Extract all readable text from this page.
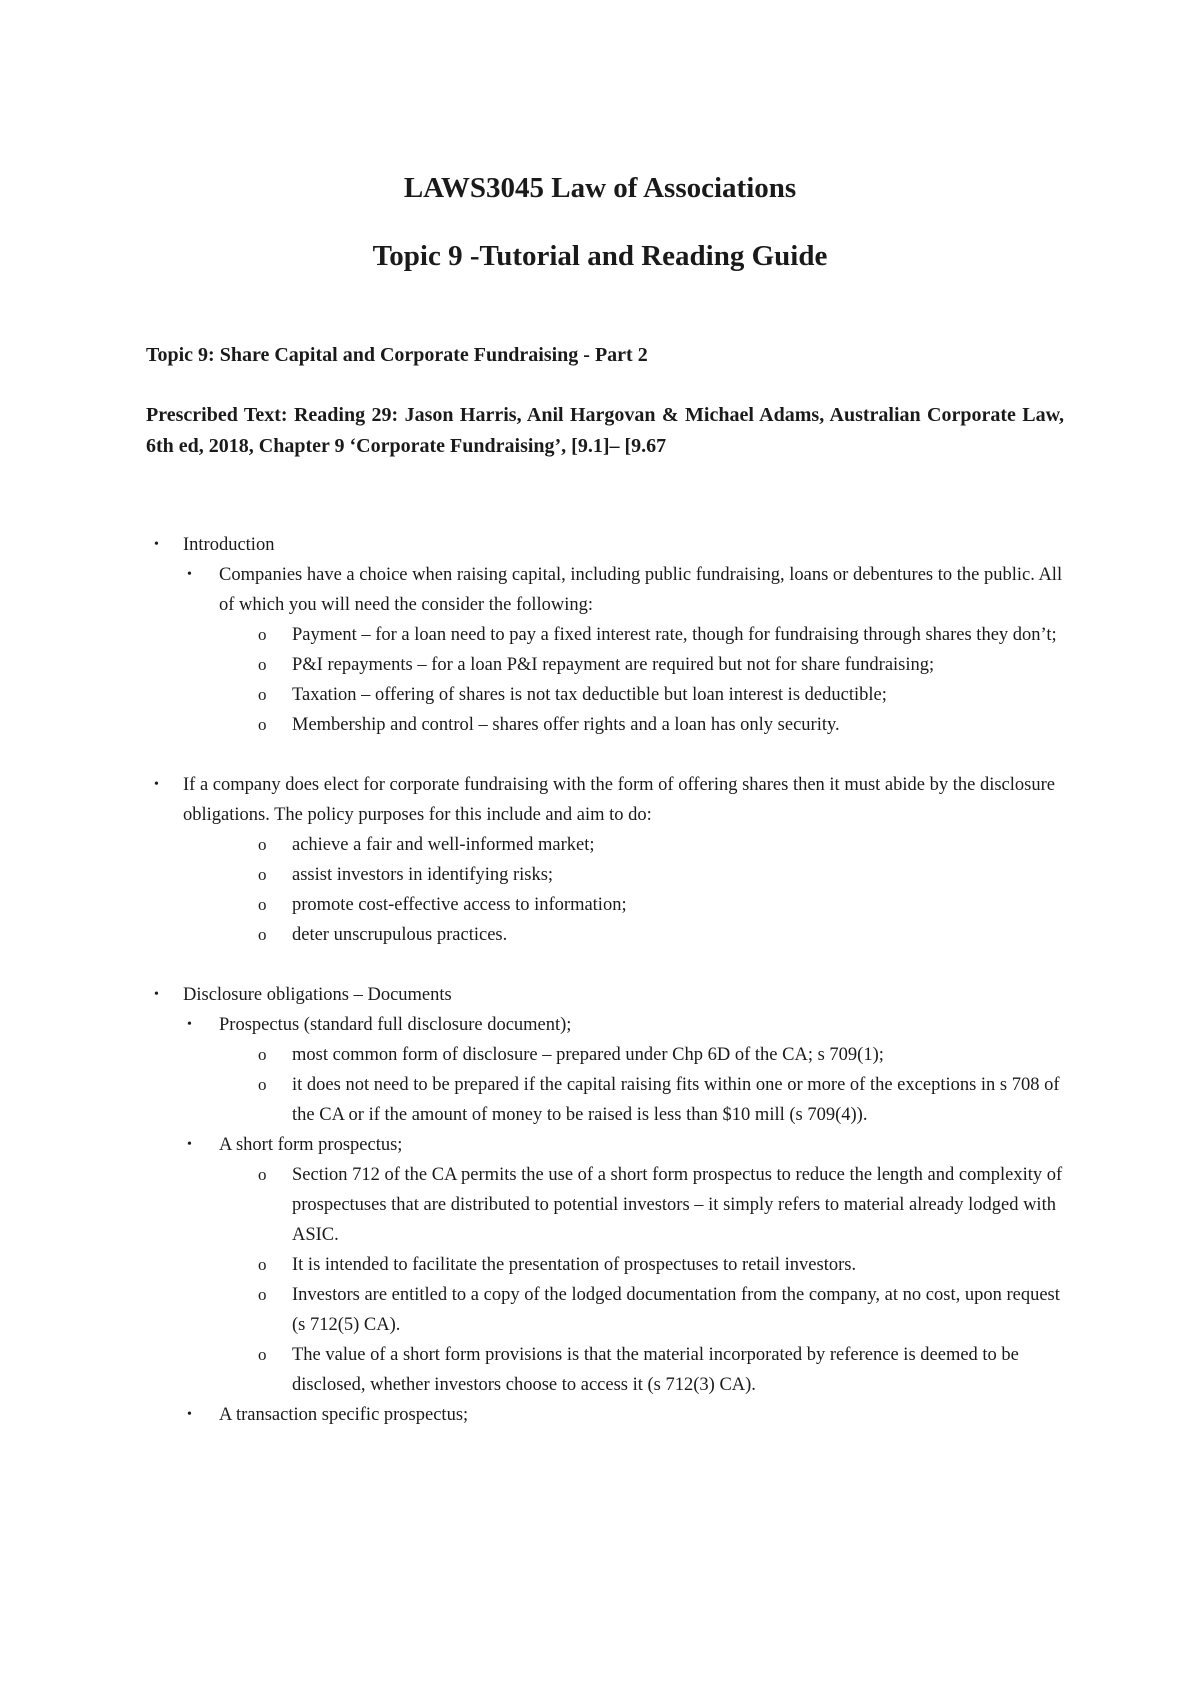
LAWS3045 Law of Associations
Topic 9 -Tutorial and Reading Guide

Topic 9: Share Capital and Corporate Fundraising - Part 2

Prescribed Text: Reading 29: Jason Harris, Anil Hargovan & Michael Adams, Australian Corporate Law, 6th ed, 2018, Chapter 9 ‘Corporate Fundraising’, [9.1]– [9.67

• Introduction
• Companies have a choice when raising capital, including public fundraising, loans or debentures to the public. All of which you will need the consider the following:
o Payment – for a loan need to pay a fixed interest rate, though for fundraising through shares they don’t;
o P&I repayments – for a loan P&I repayment are required but not for share fundraising;
o Taxation – offering of shares is not tax deductible but loan interest is deductible;
o Membership and control – shares offer rights and a loan has only security.
• If a company does elect for corporate fundraising with the form of offering shares then it must abide by the disclosure obligations. The policy purposes for this include and aim to do:
o achieve a fair and well-informed market;
o assist investors in identifying risks;
o promote cost-effective access to information;
o deter unscrupulous practices.
• Disclosure obligations – Documents
• Prospectus (standard full disclosure document);
o most common form of disclosure – prepared under Chp 6D of the CA; s 709(1);
o it does not need to be prepared if the capital raising fits within one or more of the exceptions in s 708 of the CA or if the amount of money to be raised is less than $10 mill (s 709(4)).
• A short form prospectus;
o Section 712 of the CA permits the use of a short form prospectus to reduce the length and complexity of prospectuses that are distributed to potential investors – it simply refers to material already lodged with ASIC.
o It is intended to facilitate the presentation of prospectuses to retail investors.
o Investors are entitled to a copy of the lodged documentation from the company, at no cost, upon request (s 712(5) CA).
o The value of a short form provisions is that the material incorporated by reference is deemed to be disclosed, whether investors choose to access it (s 712(3) CA).
• A transaction specific prospectus;
